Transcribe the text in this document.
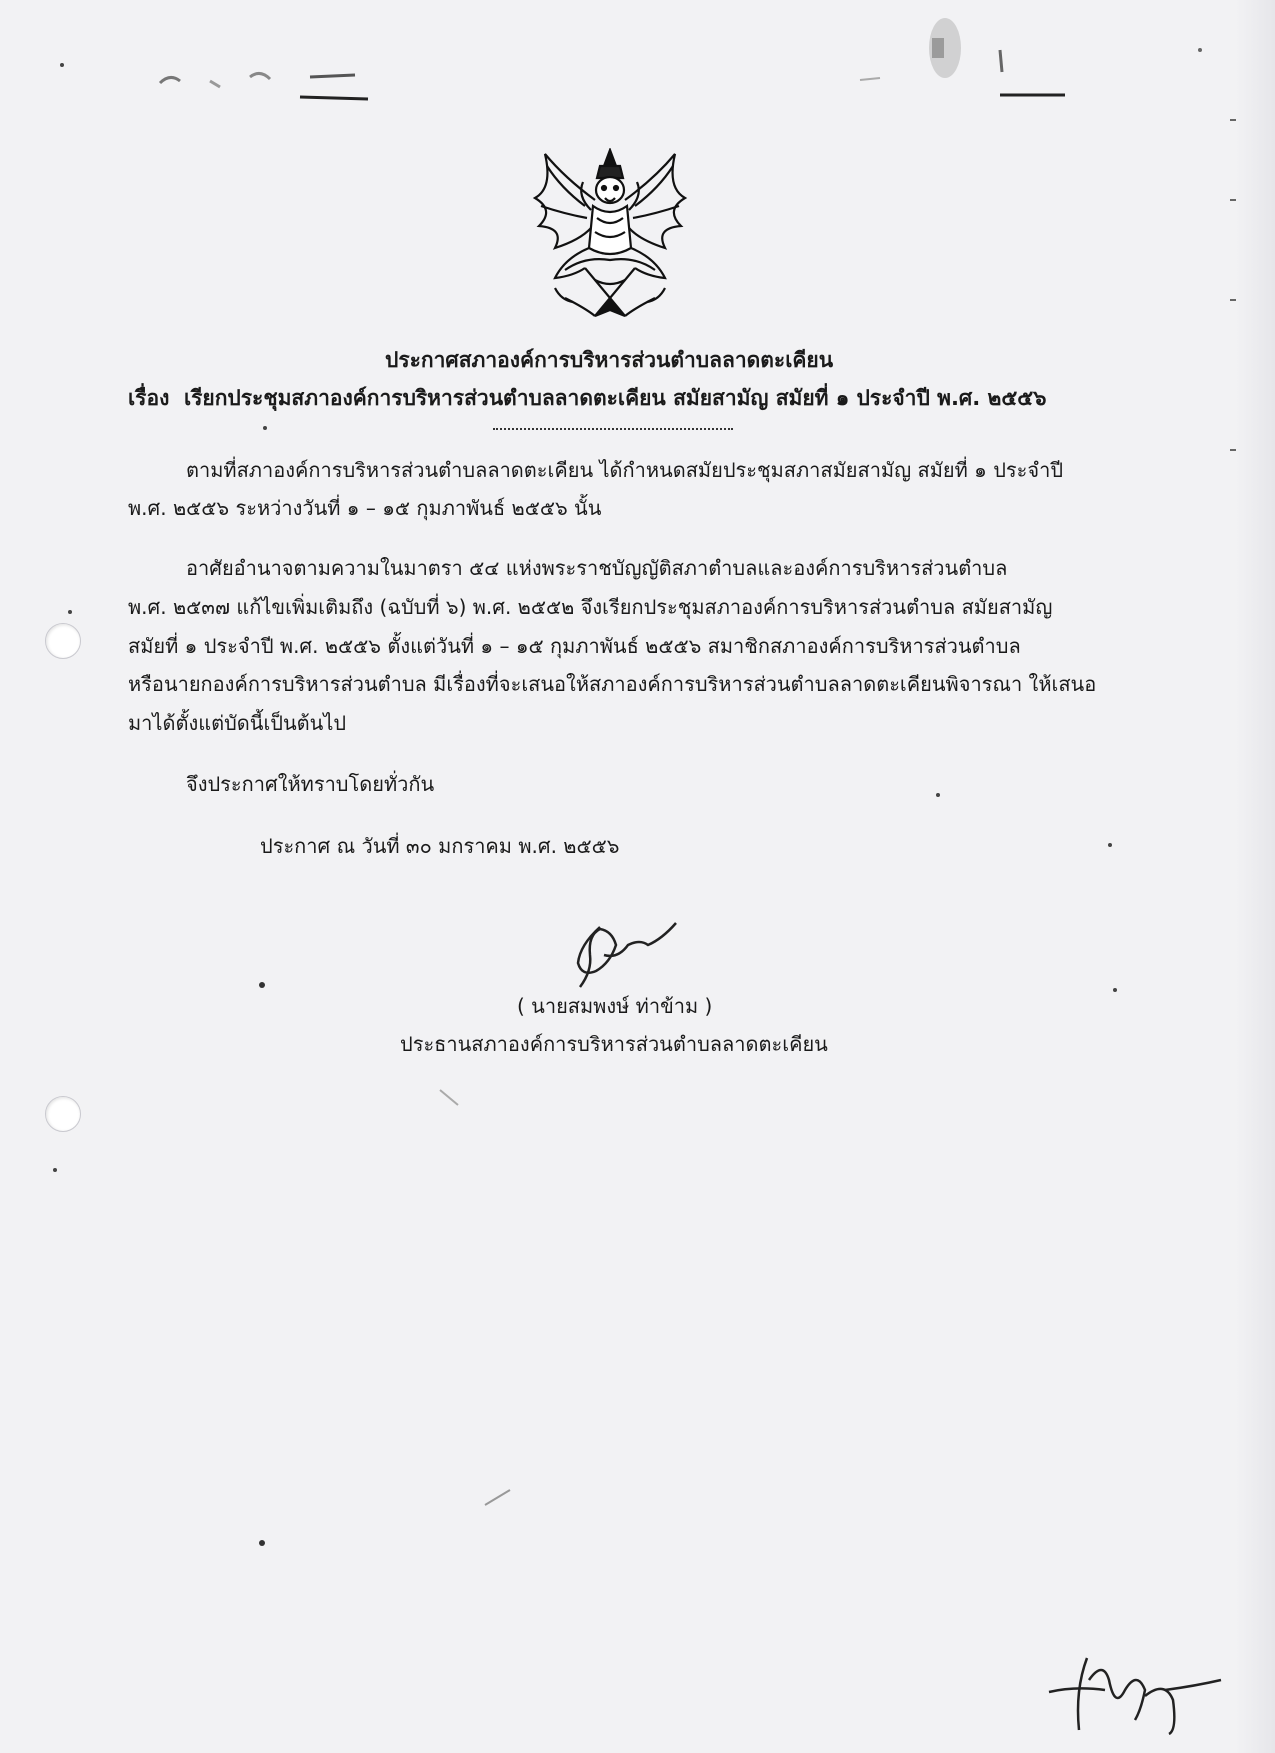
ประกาศสภาองค์การบริหารส่วนตำบลลาดตะเคียน
เรื่อง เรียกประชุมสภาองค์การบริหารส่วนตำบลลาดตะเคียน สมัยสามัญ สมัยที่ ๑ ประจำปี พ.ศ. ๒๕๕๖
ตามที่สภาองค์การบริหารส่วนตำบลลาดตะเคียน ได้กำหนดสมัยประชุมสภาสมัยสามัญ สมัยที่ ๑ ประจำปี
พ.ศ. ๒๕๕๖ ระหว่างวันที่ ๑ – ๑๕ กุมภาพันธ์ ๒๕๕๖ นั้น
อาศัยอำนาจตามความในมาตรา ๕๔ แห่งพระราชบัญญัติสภาตำบลและองค์การบริหารส่วนตำบล
พ.ศ. ๒๕๓๗ แก้ไขเพิ่มเติมถึง (ฉบับที่ ๖) พ.ศ. ๒๕๕๒ จึงเรียกประชุมสภาองค์การบริหารส่วนตำบล สมัยสามัญ
สมัยที่ ๑ ประจำปี พ.ศ. ๒๕๕๖ ตั้งแต่วันที่ ๑ – ๑๕ กุมภาพันธ์ ๒๕๕๖ สมาชิกสภาองค์การบริหารส่วนตำบล
หรือนายกองค์การบริหารส่วนตำบล มีเรื่องที่จะเสนอให้สภาองค์การบริหารส่วนตำบลลาดตะเคียนพิจารณา ให้เสนอ
มาได้ตั้งแต่บัดนี้เป็นต้นไป
จึงประกาศให้ทราบโดยทั่วกัน
ประกาศ ณ วันที่ ๓๐ มกราคม พ.ศ. ๒๕๕๖
( นายสมพงษ์ ท่าข้าม )
ประธานสภาองค์การบริหารส่วนตำบลลาดตะเคียน
